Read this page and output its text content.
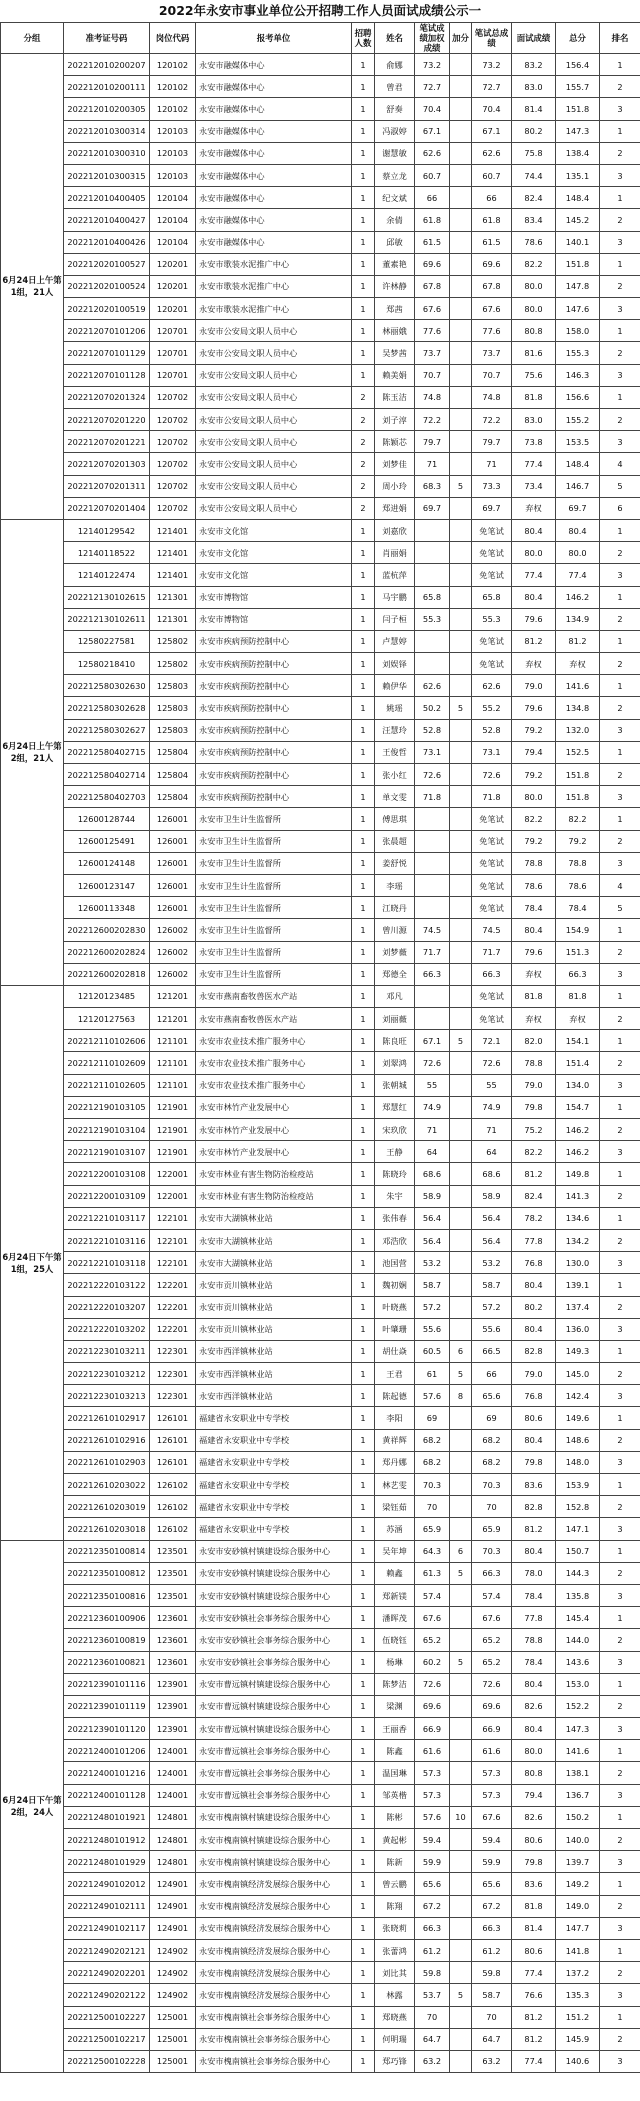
2022年永安市事业单位公开招聘工作人员面试成绩公示一
分组	准考证号码	岗位代码	报考单位	招聘人数	姓名	笔试成绩加权成绩	加分	笔试总成绩	面试成绩	总分	排名
6月24日上午第1组，21人	202212010200207	120102	永安市融媒体中心	1	俞娜	73.2		73.2	83.2	156.4	1
	202212010200111	120102	永安市融媒体中心	1	曾君	72.7		72.7	83.0	155.7	2
	202212010200305	120102	永安市融媒体中心	1	舒奏	70.4		70.4	81.4	151.8	3
	202212010300314	120103	永安市融媒体中心	1	冯淑婷	67.1		67.1	80.2	147.3	1
	202212010300310	120103	永安市融媒体中心	1	谢慧敏	62.6		62.6	75.8	138.4	2
	202212010300315	120103	永安市融媒体中心	1	蔡立龙	60.7		60.7	74.4	135.1	3
	202212010400405	120104	永安市融媒体中心	1	纪文斌	66		66	82.4	148.4	1
	202212010400427	120104	永安市融媒体中心	1	余倩	61.8		61.8	83.4	145.2	2
	202212010400426	120104	永安市融媒体中心	1	邱敏	61.5		61.5	78.6	140.1	3
	202212020100527	120201	永安市歌装水泥推广中心	1	董素艳	69.6		69.6	82.2	151.8	1
	202212020100524	120201	永安市歌装水泥推广中心	1	许林静	67.8		67.8	80.0	147.8	2
	202212020100519	120201	永安市歌装水泥推广中心	1	郑茜	67.6		67.6	80.0	147.6	3
	202212070101206	120701	永安市公安局文职人员中心	1	林丽娥	77.6		77.6	80.8	158.0	1
	202212070101129	120701	永安市公安局文职人员中心	1	吴梦茜	73.7		73.7	81.6	155.3	2
	202212070101128	120701	永安市公安局文职人员中心	1	赖美娟	70.7		70.7	75.6	146.3	3
	202212070201324	120702	永安市公安局文职人员中心	2	陈玉洁	74.8		74.8	81.8	156.6	1
	202212070201220	120702	永安市公安局文职人员中心	2	刘子淳	72.2		72.2	83.0	155.2	2
	202212070201221	120702	永安市公安局文职人员中心	2	陈颖芯	79.7		79.7	73.8	153.5	3
	202212070201303	120702	永安市公安局文职人员中心	2	刘梦佳	71		71	77.4	148.4	4
	202212070201311	120702	永安市公安局文职人员中心	2	周小玲	68.3	5	73.3	73.4	146.7	5
	202212070201404	120702	永安市公安局文职人员中心	2	郑进娟	69.7		69.7	弃权	69.7	6
6月24日上午第2组，21人	12140129542	121401	永安市文化馆	1	刘嘉欣			免笔试	80.4	80.4	1
	12140118522	121401	永安市文化馆	1	肖丽娟			免笔试	80.0	80.0	2
	12140122474	121401	永安市文化馆	1	蓝杭萍			免笔试	77.4	77.4	3
	202212130102615	121301	永安市博物馆	1	马宇鹏	65.8		65.8	80.4	146.2	1
	202212130102611	121301	永安市博物馆	1	闫子桓	55.3		55.3	79.6	134.9	2
	12580227581	125802	永安市疾病预防控制中心	1	卢慧婷			免笔试	81.2	81.2	1
	12580218410	125802	永安市疾病预防控制中心	1	刘娱铎			免笔试	弃权	弃权	2
	202212580302630	125803	永安市疾病预防控制中心	1	赖伊华	62.6		62.6	79.0	141.6	1
	202212580302628	125803	永安市疾病预防控制中心	1	姚瑶	50.2	5	55.2	79.6	134.8	2
	202212580302627	125803	永安市疾病预防控制中心	1	汪慧玲	52.8		52.8	79.2	132.0	3
	202212580402715	125804	永安市疾病预防控制中心	1	王俊哲	73.1		73.1	79.4	152.5	1
	202212580402714	125804	永安市疾病预防控制中心	1	张小红	72.6		72.6	79.2	151.8	2
	202212580402703	125804	永安市疾病预防控制中心	1	单文雯	71.8		71.8	80.0	151.8	3
	12600128744	126001	永安市卫生计生监督所	1	傅思琪			免笔试	82.2	82.2	1
	12600125491	126001	永安市卫生计生监督所	1	张晨超			免笔试	79.2	79.2	2
	12600124148	126001	永安市卫生计生监督所	1	姜舒悦			免笔试	78.8	78.8	3
	12600123147	126001	永安市卫生计生监督所	1	李瑶			免笔试	78.6	78.6	4
	12600113348	126001	永安市卫生计生监督所	1	江晓丹			免笔试	78.4	78.4	5
	202212600202830	126002	永安市卫生计生监督所	1	曾川源	74.5		74.5	80.4	154.9	1
	202212600202824	126002	永安市卫生计生监督所	1	刘梦薇	71.7		71.7	79.6	151.3	2
	202212600202818	126002	永安市卫生计生监督所	1	郑德全	66.3		66.3	弃权	66.3	3
6月24日下午第1组，25人	12120123485	121201	永安市燕南畜牧兽医水产站	1	邓凡			免笔试	81.8	81.8	1
	12120127563	121201	永安市燕南畜牧兽医水产站	1	刘丽薇			免笔试	弃权	弃权	2
	202212110102606	121101	永安市农业技术推广服务中心	1	陈良旺	67.1	5	72.1	82.0	154.1	1
	202212110102609	121101	永安市农业技术推广服务中心	1	刘翠鸿	72.6		72.6	78.8	151.4	2
	202212110102605	121101	永安市农业技术推广服务中心	1	张朝城	55		55	79.0	134.0	3
	202212190103105	121901	永安市林竹产业发展中心	1	郑慧红	74.9		74.9	79.8	154.7	1
	202212190103104	121901	永安市林竹产业发展中心	1	宋玖欣	71		71	75.2	146.2	2
	202212190103107	121901	永安市林竹产业发展中心	1	王静	64		64	82.2	146.2	3
	202212200103108	122001	永安市林业有害生物防治检疫站	1	陈晓玲	68.6		68.6	81.2	149.8	1
	202212200103109	122001	永安市林业有害生物防治检疫站	1	朱宇	58.9		58.9	82.4	141.3	2
	202212210103117	122101	永安市大湖镇林业站	1	张伟春	56.4		56.4	78.2	134.6	1
	202212210103116	122101	永安市大湖镇林业站	1	邓浩欣	56.4		56.4	77.8	134.2	2
	202212210103118	122101	永安市大湖镇林业站	1	池国营	53.2		53.2	76.8	130.0	3
	202212220103122	122201	永安市贡川镇林业站	1	魏初娴	58.7		58.7	80.4	139.1	1
	202212220103207	122201	永安市贡川镇林业站	1	叶晓燕	57.2		57.2	80.2	137.4	2
	202212220103202	122201	永安市贡川镇林业站	1	叶肇珊	55.6		55.6	80.4	136.0	3
	202212230103211	122301	永安市西洋镇林业站	1	胡仕焱	60.5	6	66.5	82.8	149.3	1
	202212230103212	122301	永安市西洋镇林业站	1	王君	61	5	66	79.0	145.0	2
	202212230103213	122301	永安市西洋镇林业站	1	陈起德	57.6	8	65.6	76.8	142.4	3
	202212610102917	126101	福建省永安职业中专学校	1	李阳	69		69	80.6	149.6	1
	202212610102916	126101	福建省永安职业中专学校	1	黄祥辉	68.2		68.2	80.4	148.6	2
	202212610102903	126101	福建省永安职业中专学校	1	郑丹娜	68.2		68.2	79.8	148.0	3
	202212610203022	126102	福建省永安职业中专学校	1	林艺雯	70.3		70.3	83.6	153.9	1
	202212610203019	126102	福建省永安职业中专学校	1	梁钰茹	70		70	82.8	152.8	2
	202212610203018	126102	福建省永安职业中专学校	1	苏涵	65.9		65.9	81.2	147.1	3
6月24日下午第2组，24人	202212350100814	123501	永安市安砂镇村镇建设综合服务中心	1	吴年坤	64.3	6	70.3	80.4	150.7	1
	202212350100812	123501	永安市安砂镇村镇建设综合服务中心	1	赖鑫	61.3	5	66.3	78.0	144.3	2
	202212350100816	123501	永安市安砂镇村镇建设综合服务中心	1	郑新镁	57.4		57.4	78.4	135.8	3
	202212360100906	123601	永安市安砂镇社会事务综合服务中心	1	潘晖茂	67.6		67.6	77.8	145.4	1
	202212360100819	123601	永安市安砂镇社会事务综合服务中心	1	伍晓钰	65.2		65.2	78.8	144.0	2
	202212360100821	123601	永安市安砂镇社会事务综合服务中心	1	杨琳	60.2	5	65.2	78.4	143.6	3
	202212390101116	123901	永安市曹远镇村镇建设综合服务中心	1	陈梦洁	72.6		72.6	80.4	153.0	1
	202212390101119	123901	永安市曹远镇村镇建设综合服务中心	1	梁渊	69.6		69.6	82.6	152.2	2
	202212390101120	123901	永安市曹远镇村镇建设综合服务中心	1	王丽香	66.9		66.9	80.4	147.3	3
	202212400101206	124001	永安市曹远镇社会事务综合服务中心	1	陈鑫	61.6		61.6	80.0	141.6	1
	202212400101216	124001	永安市曹远镇社会事务综合服务中心	1	温国琳	57.3		57.3	80.8	138.1	2
	202212400101128	124001	永安市曹远镇社会事务综合服务中心	1	邹英楷	57.3		57.3	79.4	136.7	3
	202212480101921	124801	永安市槐南镇村镇建设综合服务中心	1	陈彬	57.6	10	67.6	82.6	150.2	1
	202212480101912	124801	永安市槐南镇村镇建设综合服务中心	1	黄起彬	59.4		59.4	80.6	140.0	2
	202212480101929	124801	永安市槐南镇村镇建设综合服务中心	1	陈新	59.9		59.9	79.8	139.7	3
	202212490102012	124901	永安市槐南镇经济发展综合服务中心	1	曾云鹏	65.6		65.6	83.6	149.2	1
	202212490102111	124901	永安市槐南镇经济发展综合服务中心	1	陈翔	67.2		67.2	81.8	149.0	2
	202212490102117	124901	永安市槐南镇经济发展综合服务中心	1	张晓莉	66.3		66.3	81.4	147.7	3
	202212490202121	124902	永安市槐南镇经济发展综合服务中心	1	张蕾鸿	61.2		61.2	80.6	141.8	1
	202212490202201	124902	永安市槐南镇经济发展综合服务中心	1	刘比其	59.8		59.8	77.4	137.2	2
	202212490202122	124902	永安市槐南镇经济发展综合服务中心	1	林露	53.7	5	58.7	76.6	135.3	3
	202212500102227	125001	永安市槐南镇社会事务综合服务中心	1	郑晓燕	70		70	81.2	151.2	1
	202212500102217	125001	永安市槐南镇社会事务综合服务中心	1	何明瑞	64.7		64.7	81.2	145.9	2
	202212500102228	125001	永安市槐南镇社会事务综合服务中心	1	郑巧锋	63.2		63.2	77.4	140.6	3
